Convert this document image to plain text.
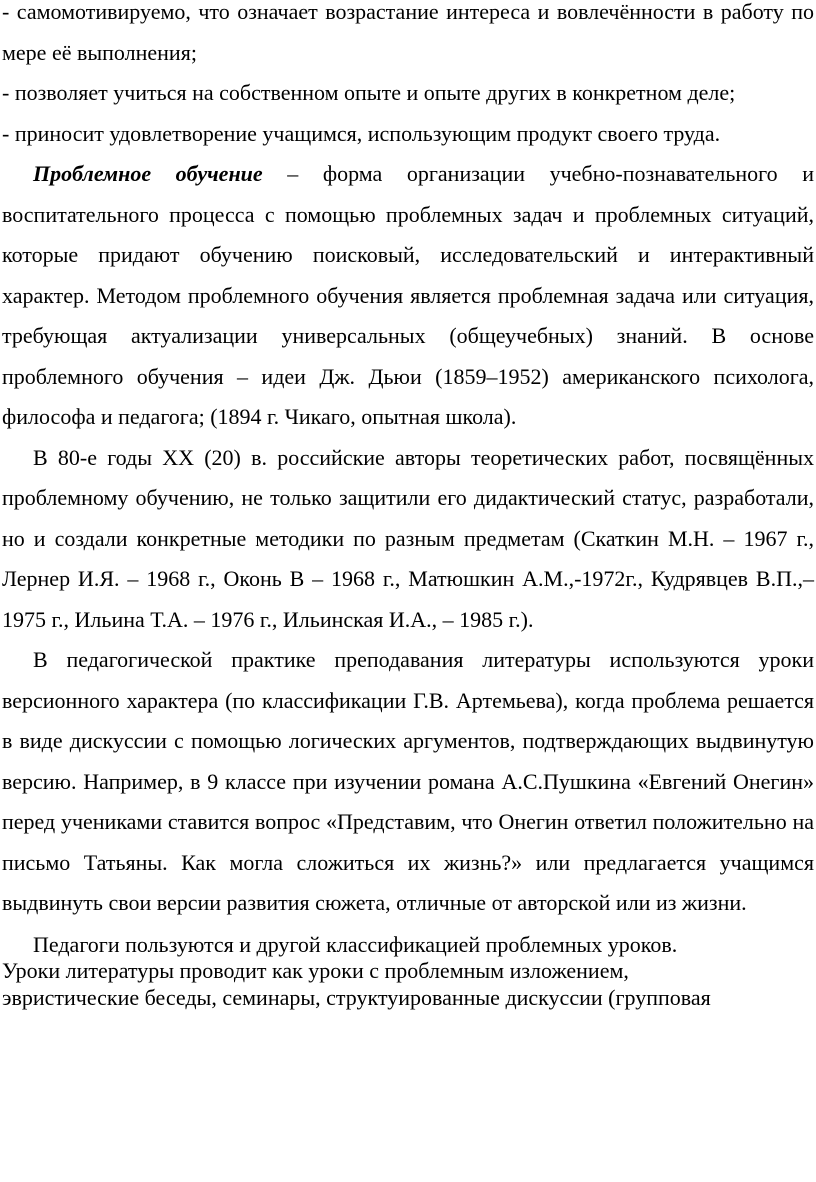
- самомотивируемо, что означает возрастание интереса и вовлечённости в работу по мере её выполнения;

- позволяет учиться на собственном опыте и опыте других в конкретном деле;

- приносит удовлетворение учащимся, использующим продукт своего труда.

Проблемное обучение – форма организации учебно-познавательного и воспитательного процесса с помощью проблемных задач и проблемных ситуаций, которые придают обучению поисковый, исследовательский и интерактивный характер. Методом проблемного обучения является проблемная задача или ситуация, требующая актуализации универсальных (общеучебных) знаний. В основе проблемного обучения – идеи Дж. Дьюи (1859–1952) американского психолога, философа и педагога; (1894 г. Чикаго, опытная школа).

В 80-е годы ХХ (20) в. российские авторы теоретических работ, посвящённых проблемному обучению, не только защитили его дидактический статус, разработали, но и создали конкретные методики по разным предметам (Скаткин М.Н. – 1967 г., Лернер И.Я. – 1968 г., Оконь В – 1968 г., Матюшкин А.М.,-1972г., Кудрявцев В.П.,– 1975 г., Ильина Т.А. – 1976 г., Ильинская И.А., – 1985 г.).

В педагогической практике преподавания литературы используются уроки версионного характера (по классификации Г.В. Артемьева), когда проблема решается в виде дискуссии с помощью логических аргументов, подтверждающих выдвинутую версию. Например, в 9 классе при изучении романа А.С.Пушкина «Евгений Онегин» перед учениками ставится вопрос «Представим, что Онегин ответил положительно на письмо Татьяны. Как могла сложиться их жизнь?» или предлагается учащимся выдвинуть свои версии развития сюжета, отличные от авторской или из жизни.

Педагоги пользуются и другой классификацией проблемных уроков.
Уроки литературы проводит как уроки с проблемным изложением,
эвристические беседы, семинары, структуированные дискуссии (групповая
